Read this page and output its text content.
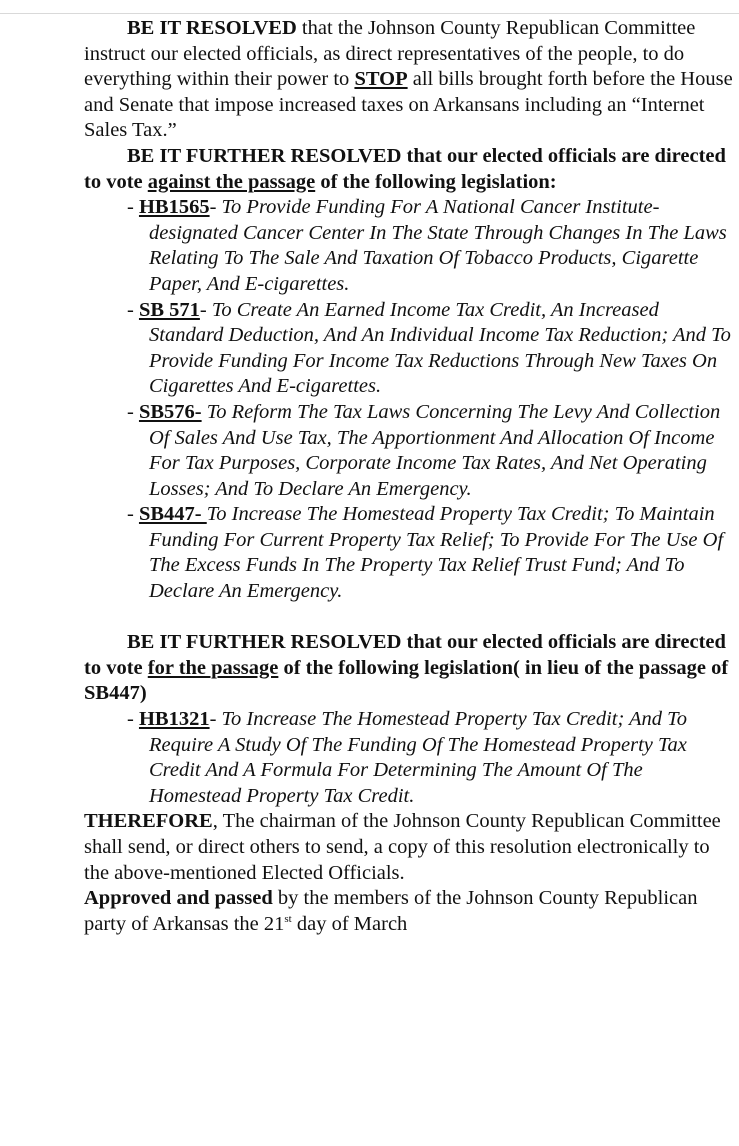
BE IT RESOLVED that the Johnson County Republican Committee instruct our elected officials, as direct representatives of the people, to do everything within their power to STOP all bills brought forth before the House and Senate that impose increased taxes on Arkansans including an “Internet Sales Tax.”

BE IT FURTHER RESOLVED that our elected officials are directed to vote against the passage of the following legislation:

- HB1565- To Provide Funding For A National Cancer Institute-designated Cancer Center In The State Through Changes In The Laws Relating To The Sale And Taxation Of Tobacco Products, Cigarette Paper, And E-cigarettes.
- SB 571- To Create An Earned Income Tax Credit, An Increased Standard Deduction, And An Individual Income Tax Reduction; And To Provide Funding For Income Tax Reductions Through New Taxes On Cigarettes And E-cigarettes.
- SB576- To Reform The Tax Laws Concerning The Levy And Collection Of Sales And Use Tax, The Apportionment And Allocation Of Income For Tax Purposes, Corporate Income Tax Rates, And Net Operating Losses; And To Declare An Emergency.
- SB447- To Increase The Homestead Property Tax Credit; To Maintain Funding For Current Property Tax Relief; To Provide For The Use Of The Excess Funds In The Property Tax Relief Trust Fund; And To Declare An Emergency.

BE IT FURTHER RESOLVED that our elected officials are directed to vote for the passage of the following legislation( in lieu of the passage of SB447)

- HB1321- To Increase The Homestead Property Tax Credit; And To Require A Study Of The Funding Of The Homestead Property Tax Credit And A Formula For Determining The Amount Of The Homestead Property Tax Credit.

THEREFORE, The chairman of the Johnson County Republican Committee shall send, or direct others to send, a copy of this resolution electronically to the above-mentioned Elected Officials.

Approved and passed by the members of the Johnson County Republican party of Arkansas the 21st day of March
